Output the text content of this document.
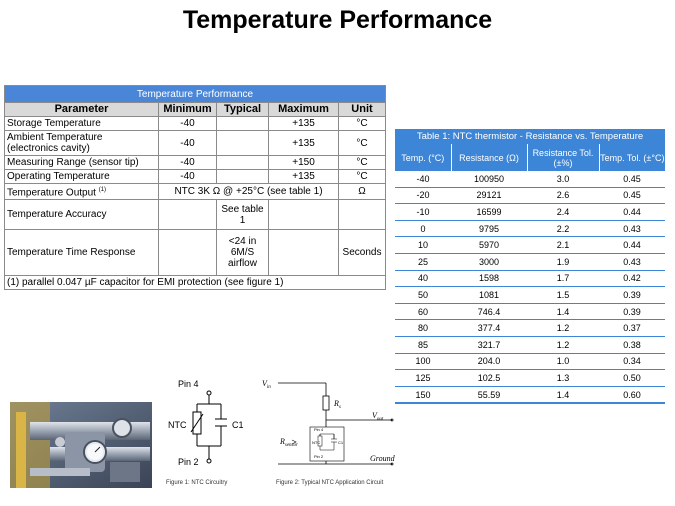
Temperature Performance
Temperature Performance				
Parameter	Minimum	Typical	Maximum	Unit
Storage Temperature	-40		+135	°C
Ambient Temperature (electronics cavity)	-40		+135	°C
Measuring Range (sensor tip)	-40		+150	°C
Operating Temperature	-40		+135	°C
Temperature Output $^{(1)}$	NTC 3K Ω @ +25°C (see table 1)			Ω
Temperature Accuracy		See table 1		
Temperature Time Response		<24 in 6M/S airflow		Seconds
(1) parallel 0.047 µF capacitor for EMI protection (see figure 1)				
Table 1: NTC thermistor - Resistance vs. Temperature			
Temp. (°C)	Resistance (Ω)	Resistance Tol. (±%)	Temp. Tol. (±°C)
-40	100950	3.0	0.45
-20	29121	2.6	0.45
-10	16599	2.4	0.44
0	9795	2.2	0.43
10	5970	2.1	0.44
25	3000	1.9	0.43
40	1598	1.7	0.42
50	1081	1.5	0.39
60	746.4	1.4	0.39
80	377.4	1.2	0.37
85	321.7	1.2	0.38
100	204.0	1.0	0.34
125	102.5	1.3	0.50
150	55.59	1.4	0.60
Pin 4
Pin 2
NTC	C1
$V_{in}$
$R_s$
$V_{out}$
$R_{sensor}$
Ground
Pin 4
Pin 2
NTC	C1
Figure 1: NTC Circuitry	Figure 2: Typical NTC Application Circuit
